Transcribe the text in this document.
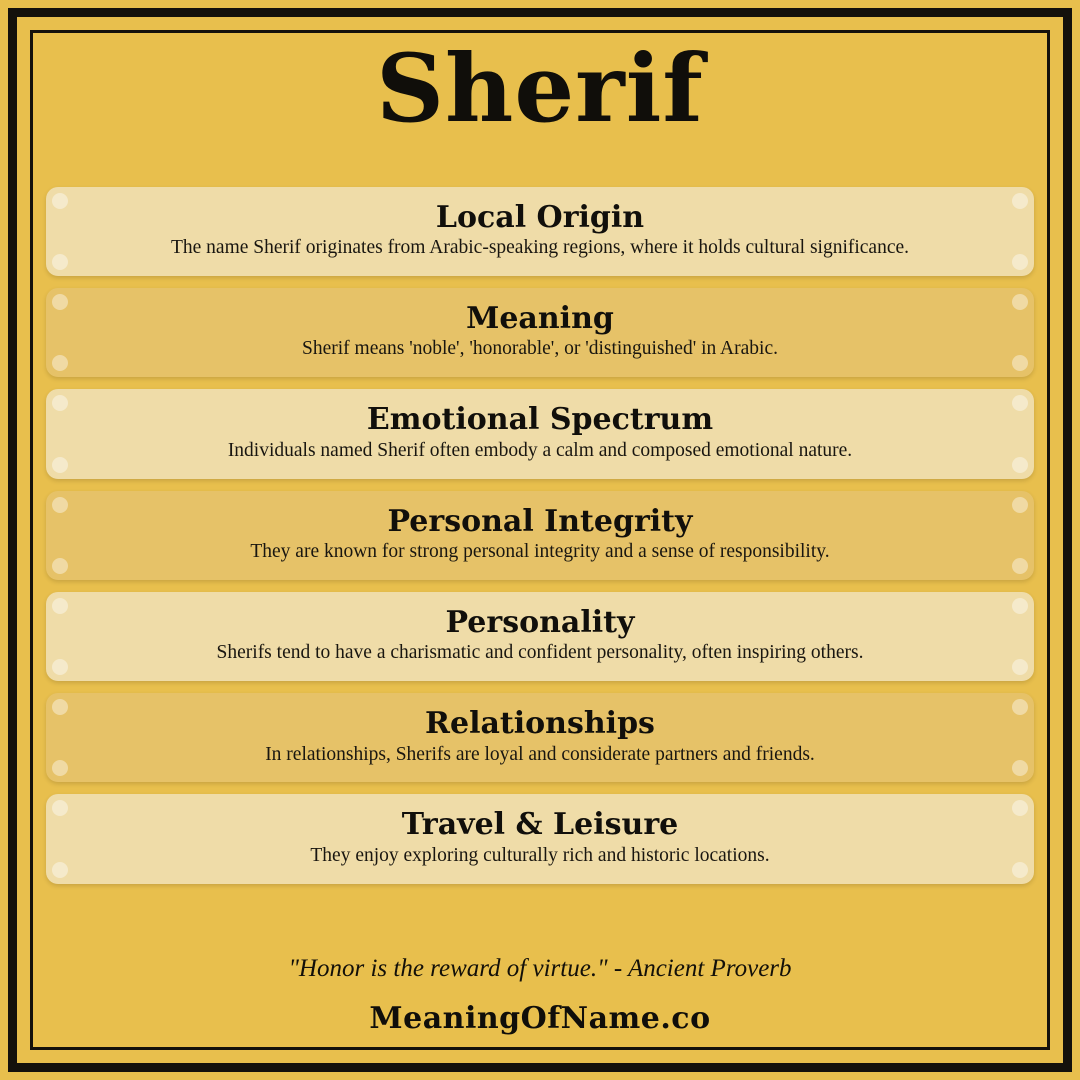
Sherif
Local Origin
The name Sherif originates from Arabic-speaking regions, where it holds cultural significance.
Meaning
Sherif means 'noble', 'honorable', or 'distinguished' in Arabic.
Emotional Spectrum
Individuals named Sherif often embody a calm and composed emotional nature.
Personal Integrity
They are known for strong personal integrity and a sense of responsibility.
Personality
Sherifs tend to have a charismatic and confident personality, often inspiring others.
Relationships
In relationships, Sherifs are loyal and considerate partners and friends.
Travel & Leisure
They enjoy exploring culturally rich and historic locations.
"Honor is the reward of virtue." - Ancient Proverb
MeaningOfName.co
